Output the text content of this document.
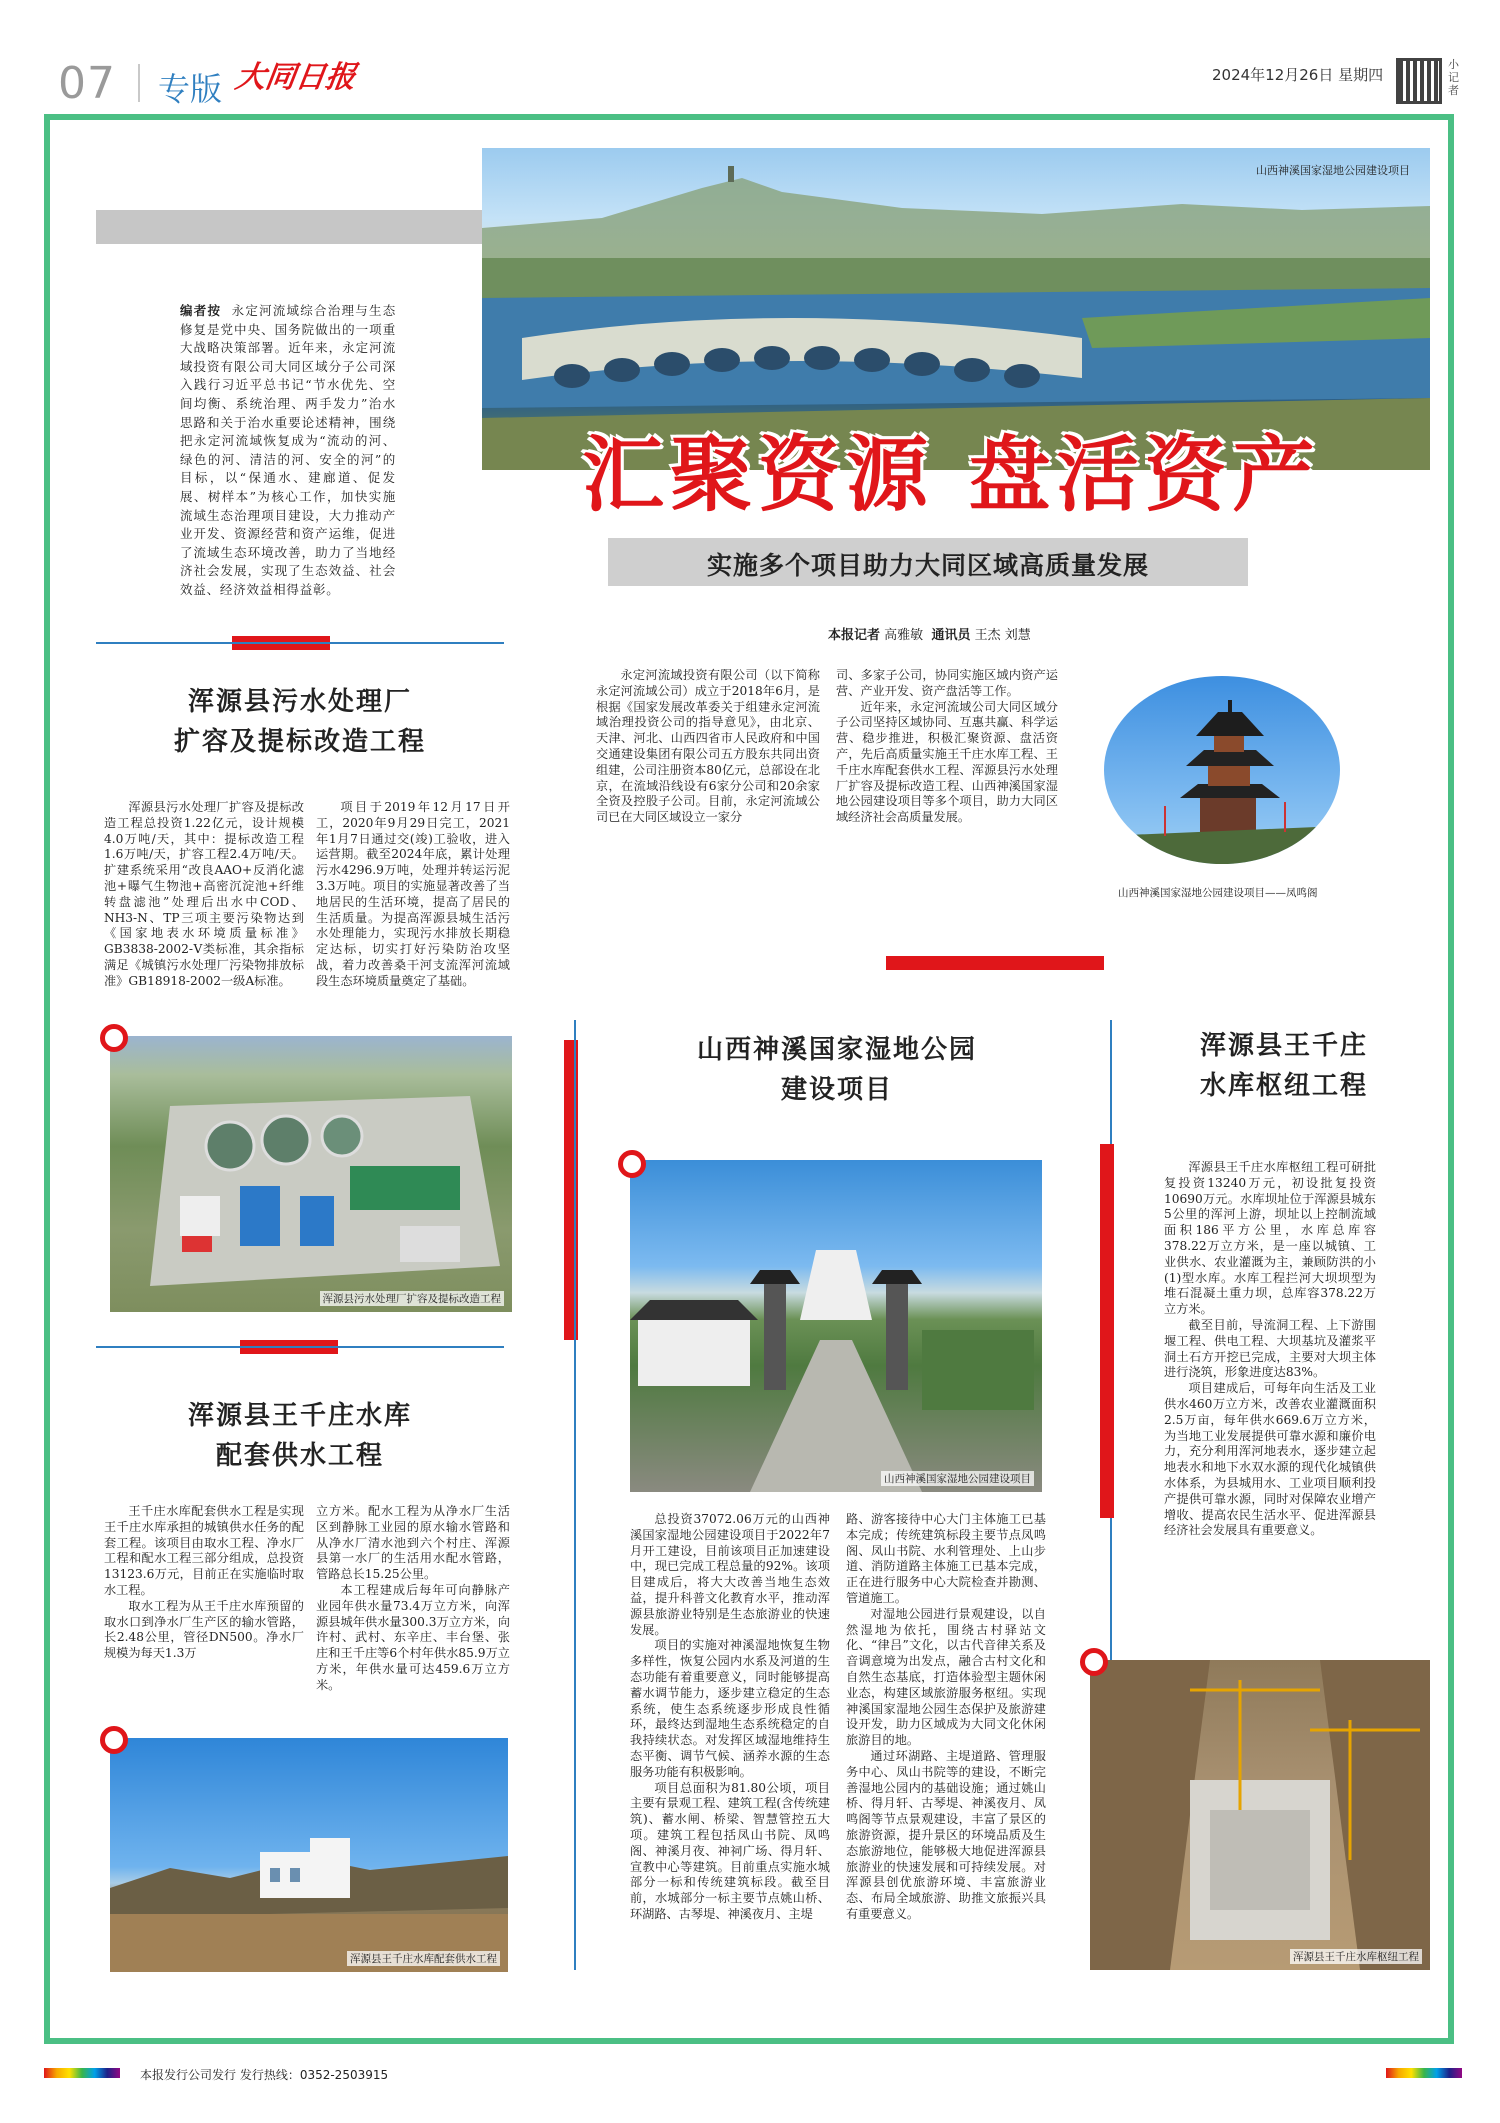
07 专版 大同日报	2024年12月26日 星期四
小记者
山西神溪国家湿地公园建设项目
编者按 永定河流域综合治理与生态修复是党中央、国务院做出的一项重大战略决策部署。近年来，永定河流域投资有限公司大同区域分子公司深入践行习近平总书记“节水优先、空间均衡、系统治理、两手发力”治水思路和关于治水重要论述精神，围绕把永定河流域恢复成为“流动的河、绿色的河、清洁的河、安全的河”的目标，以“保通水、建廊道、促发展、树样本”为核心工作，加快实施流域生态治理项目建设，大力推动产业开发、资源经营和资产运维，促进了流域生态环境改善，助力了当地经济社会发展，实现了生态效益、社会效益、经济效益相得益彰。
汇聚资源 盘活资产
实施多个项目助力大同区域高质量发展
本报记者 高雅敏 通讯员 王杰 刘慧

永定河流域投资有限公司（以下简称永定河流域公司）成立于2018年6月，是根据《国家发展改革委关于组建永定河流域治理投资公司的指导意见》，由北京、天津、河北、山西四省市人民政府和中国交通建设集团有限公司五方股东共同出资组建，公司注册资本80亿元，总部设在北京，在流域沿线设有6家分公司和20余家全资及控股子公司。目前，永定河流域公司已在大同区域设立一家分

司、多家子公司，协同实施区域内资产运营、产业开发、资产盘活等工作。

近年来，永定河流域公司大同区域分子公司坚持区域协同、互惠共赢、科学运营、稳步推进，积极汇聚资源、盘活资产，先后高质量实施王千庄水库工程、王千庄水库配套供水工程、浑源县污水处理厂扩容及提标改造工程、山西神溪国家湿地公园建设项目等多个项目，助力大同区域经济社会高质量发展。

山西神溪国家湿地公园建设项目——凤鸣阁
浑源县污水处理厂
扩容及提标改造工程

浑源县污水处理厂扩容及提标改造工程总投资1.22亿元，设计规模4.0万吨/天，其中：提标改造工程1.6万吨/天，扩容工程2.4万吨/天。扩建系统采用“改良AAO+反消化滤池+曝气生物池+高密沉淀池+纤维转盘滤池”处理后出水中COD、NH3-N、TP三项主要污染物达到《国家地表水环境质量标准》GB3838-2002-Ⅴ类标准，其余指标满足《城镇污水处理厂污染物排放标准》GB18918-2002一级A标准。

项目于2019年12月17日开工，2020年9月29日完工，2021年1月7日通过交(竣)工验收，进入运营期。截至2024年底，累计处理污水4296.9万吨，处理并转运污泥3.3万吨。项目的实施显著改善了当地居民的生活环境，提高了居民的生活质量。为提高浑源县城生活污水处理能力，实现污水排放长期稳定达标，切实打好污染防治攻坚战，着力改善桑干河支流浑河流域段生态环境质量奠定了基础。

浑源县污水处理厂扩容及提标改造工程
浑源县王千庄水库
配套供水工程

王千庄水库配套供水工程是实现王千庄水库承担的城镇供水任务的配套工程。该项目由取水工程、净水厂工程和配水工程三部分组成，总投资13123.6万元，目前正在实施临时取水工程。

取水工程为从王千庄水库预留的取水口到净水厂生产区的输水管路，长2.48公里，管径DN500。净水厂规模为每天1.3万

立方米。配水工程为从净水厂生活区到静脉工业园的原水输水管路和从净水厂清水池到六个村庄、浑源县第一水厂的生活用水配水管路，管路总长15.25公里。

本工程建成后每年可向静脉产业园年供水量73.4万立方米，向浑源县城年供水量300.3万立方米，向许村、武村、东辛庄、丰台堡、张庄和王千庄等6个村年供水85.9万立方米，年供水量可达459.6万立方米。

浑源县王千庄水库配套供水工程
山西神溪国家湿地公园
建设项目
山西神溪国家湿地公园建设项目

总投资37072.06万元的山西神溪国家湿地公园建设项目于2022年7月开工建设，目前该项目正加速建设中，现已完成工程总量的92%。该项目建成后，将大大改善当地生态效益，提升科普文化教育水平，推动浑源县旅游业特别是生态旅游业的快速发展。

项目的实施对神溪湿地恢复生物多样性，恢复公园内水系及河道的生态功能有着重要意义，同时能够提高蓄水调节能力，逐步建立稳定的生态系统，使生态系统逐步形成良性循环，最终达到湿地生态系统稳定的自我持续状态。对发挥区域湿地维持生态平衡、调节气候、涵养水源的生态服务功能有积极影响。

项目总面积为81.80公顷，项目主要有景观工程、建筑工程(含传统建筑)、蓄水闸、桥梁、智慧管控五大项。建筑工程包括凤山书院、凤鸣阁、神溪月夜、神祠广场、得月轩、宣教中心等建筑。目前重点实施水城部分一标和传统建筑标段。截至目前，水城部分一标主要节点姚山桥、环湖路、古琴堤、神溪夜月、主堤

路、游客接待中心大门主体施工已基本完成；传统建筑标段主要节点凤鸣阁、凤山书院、水利管理处、上山步道、消防道路主体施工已基本完成，正在进行服务中心大院检查并勘测、管道施工。

对湿地公园进行景观建设，以自然湿地为依托，围绕古村驿站文化、“律吕”文化，以古代音律关系及音调意境为出发点，融合古村文化和自然生态基底，打造体验型主题休闲业态，构建区域旅游服务枢纽。实现神溪国家湿地公园生态保护及旅游建设开发，助力区域成为大同文化休闲旅游目的地。

通过环湖路、主堤道路、管理服务中心、凤山书院等的建设，不断完善湿地公园内的基础设施；通过姚山桥、得月轩、古琴堤、神溪夜月、凤鸣阁等节点景观建设，丰富了景区的旅游资源，提升景区的环境品质及生态旅游地位，能够极大地促进浑源县旅游业的快速发展和可持续发展。对浑源县创优旅游环境、丰富旅游业态、布局全域旅游、助推文旅振兴具有重要意义。

浑源县王千庄
水库枢纽工程

浑源县王千庄水库枢纽工程可研批复投资13240万元，初设批复投资10690万元。水库坝址位于浑源县城东5公里的浑河上游，坝址以上控制流域面积186平方公里，水库总库容378.22万立方米，是一座以城镇、工业供水、农业灌溉为主，兼顾防洪的小(1)型水库。水库工程拦河大坝坝型为堆石混凝土重力坝，总库容378.22万立方米。

截至目前，导流洞工程、上下游围堰工程、供电工程、大坝基坑及灌浆平洞土石方开挖已完成，主要对大坝主体进行浇筑，形象进度达83%。

项目建成后，可每年向生活及工业供水460万立方米，改善农业灌溉面积2.5万亩，每年供水669.6万立方米，为当地工业发展提供可靠水源和廉价电力，充分利用浑河地表水，逐步建立起地表水和地下水双水源的现代化城镇供水体系，为县城用水、工业项目顺利投产提供可靠水源，同时对保障农业增产增收、提高农民生活水平、促进浑源县经济社会发展具有重要意义。

浑源县王千庄水库枢纽工程
本报发行公司发行 发行热线：0352-2503915
